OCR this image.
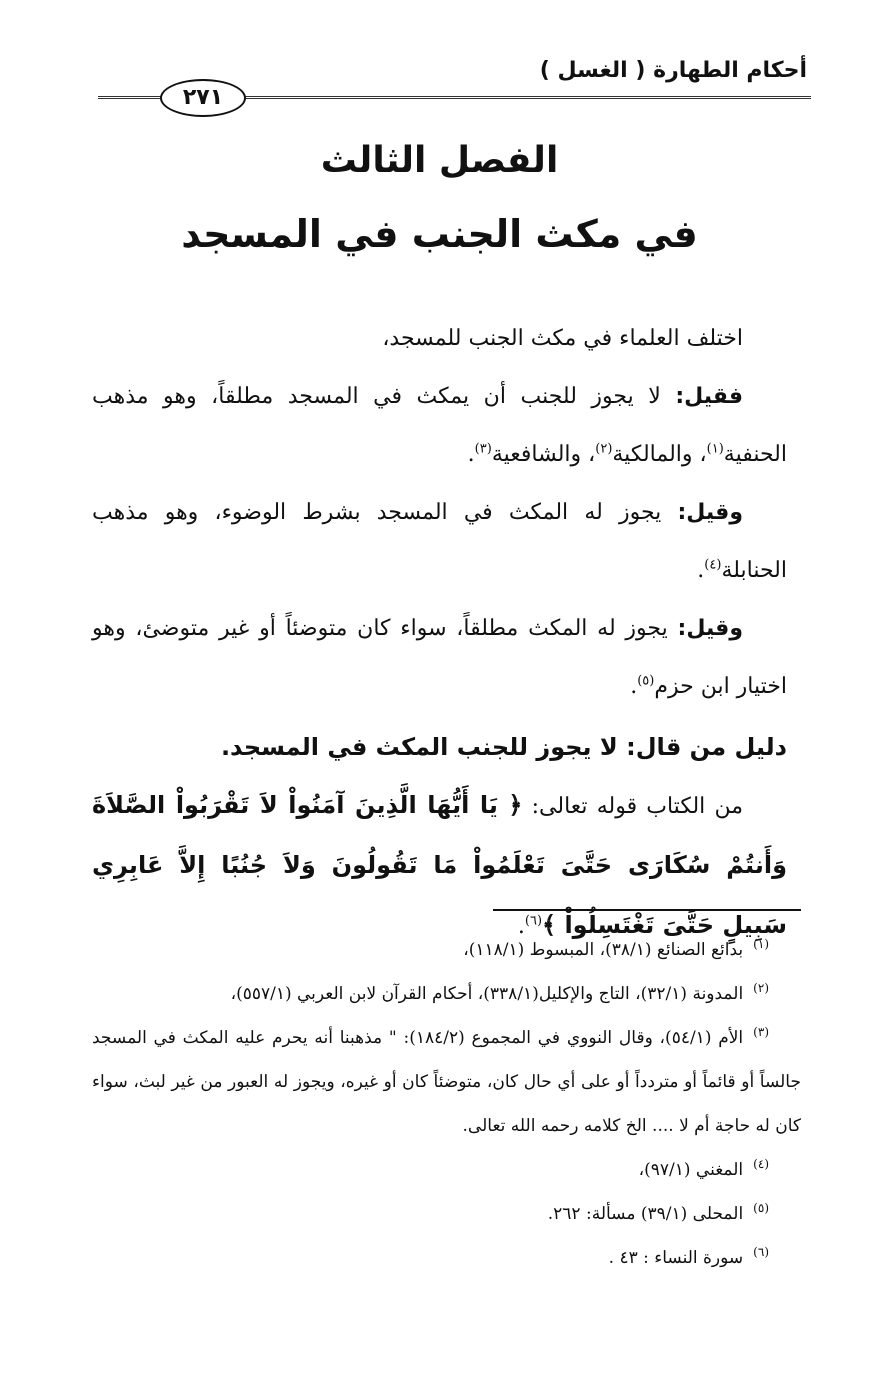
أحكام الطهارة ( الغسل )
٢٧١
الفصل الثالث
في مكث الجنب في المسجد

اختلف العلماء في مكث الجنب للمسجد،

فقيل: لا يجوز للجنب أن يمكث في المسجد مطلقاً، وهو مذهب الحنفية$^{(١)}$، والمالكية$^{(٢)}$، والشافعية$^{(٣)}$.

وقيل: يجوز له المكث في المسجد بشرط الوضوء، وهو مذهب الحنابلة$^{(٤)}$.

وقيل: يجوز له المكث مطلقاً، سواء كان متوضئاً أو غير متوضئ، وهو اختيار ابن حزم$^{(٥)}$.

دليل من قال: لا يجوز للجنب المكث في المسجد.

من الكتاب قوله تعالى: ﴿ يَا أَيُّهَا الَّذِينَ آمَنُواْ لاَ تَقْرَبُواْ الصَّلاَةَ وَأَنتُمْ سُكَارَى حَتَّىَ تَعْلَمُواْ مَا تَقُولُونَ وَلاَ جُنُبًا إِلاَّ عَابِرِي سَبِيلٍ حَتَّىَ تَغْتَسِلُواْ ﴾$^{(٦)}$.

$^{(١)}$بدائع الصنائع (٣٨/١)، المبسوط (١١٨/١)،

$^{(٢)}$المدونة (٣٢/١)، التاج والإكليل(٣٣٨/١)، أحكام القرآن لابن العربي (٥٥٧/١)،

$^{(٣)}$الأم (٥٤/١)، وقال النووي في المجموع (١٨٤/٢): " مذهبنا أنه يحرم عليه المكث في المسجد جالساً أو قائماً أو متردداً أو على أي حال كان، متوضئاً كان أو غيره، ويجوز له العبور من غير لبث، سواء كان له حاجة أم لا .... الخ كلامه رحمه الله تعالى.

$^{(٤)}$المغني (٩٧/١)،

$^{(٥)}$المحلى (٣٩/١) مسألة: ٢٦٢.

$^{(٦)}$سورة النساء : ٤٣ .
